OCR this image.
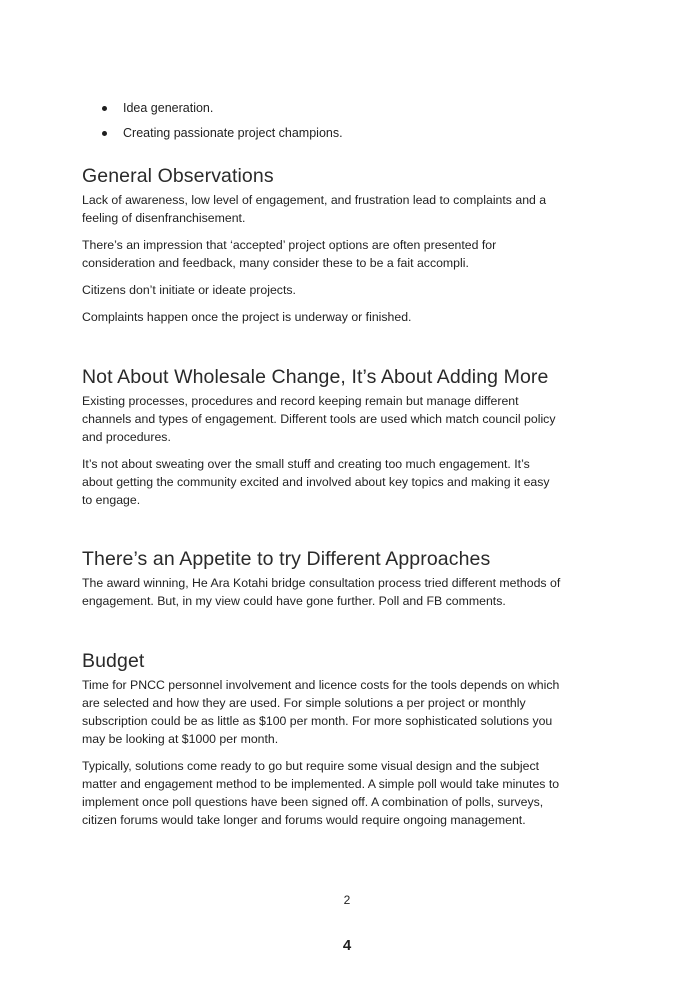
Idea generation.
Creating passionate project champions.
General Observations

Lack of awareness, low level of engagement, and frustration lead to complaints and a feeling of disenfranchisement.

There’s an impression that ‘accepted’ project options are often presented for consideration and feedback, many consider these to be a fait accompli.

Citizens don’t initiate or ideate projects.

Complaints happen once the project is underway or finished.

Not About Wholesale Change, It’s About Adding More

Existing processes, procedures and record keeping remain but manage different channels and types of engagement. Different tools are used which match council policy and procedures.

It’s not about sweating over the small stuff and creating too much engagement. It’s about getting the community excited and involved about key topics and making it easy to engage.

There’s an Appetite to try Different Approaches

The award winning, He Ara Kotahi bridge consultation process tried different methods of engagement. But, in my view could have gone further. Poll and FB comments.

Budget

Time for PNCC personnel involvement and licence costs for the tools depends on which are selected and how they are used. For simple solutions a per project or monthly subscription could be as little as $100 per month. For more sophisticated solutions you may be looking at $1000 per month.

Typically, solutions come ready to go but require some visual design and the subject matter and engagement method to be implemented. A simple poll would take minutes to implement once poll questions have been signed off. A combination of polls, surveys, citizen forums would take longer and forums would require ongoing management.

2
4
